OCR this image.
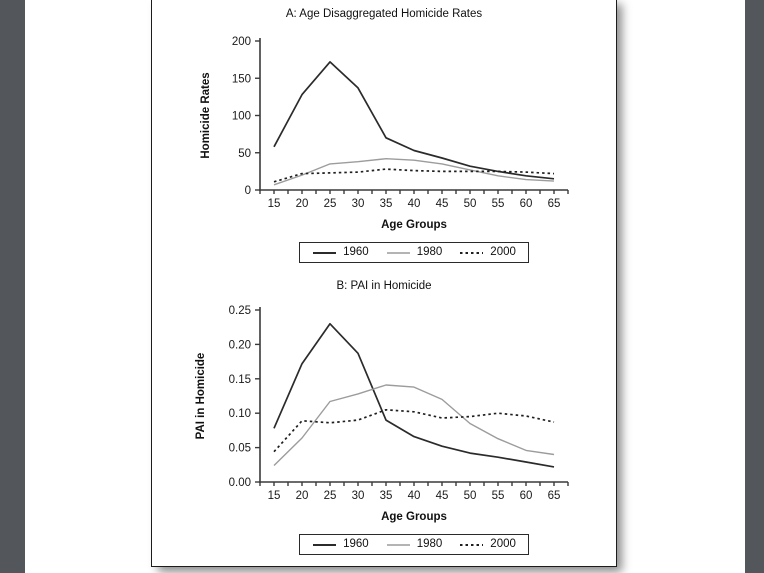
A: Age Disaggregated Homicide Rates
0
50
100
150
200
15 20 25 30 35 40 45 50 55 60 65
Age Groups
Homicide Rates
1960	1980	2000
B: PAI in Homicide
0.00
0.05
0.10
0.15
0.20
0.25
15 20 25 30 35 40 45 50 55 60 65
Age Groups
PAI in Homicide
1960	1980	2000
